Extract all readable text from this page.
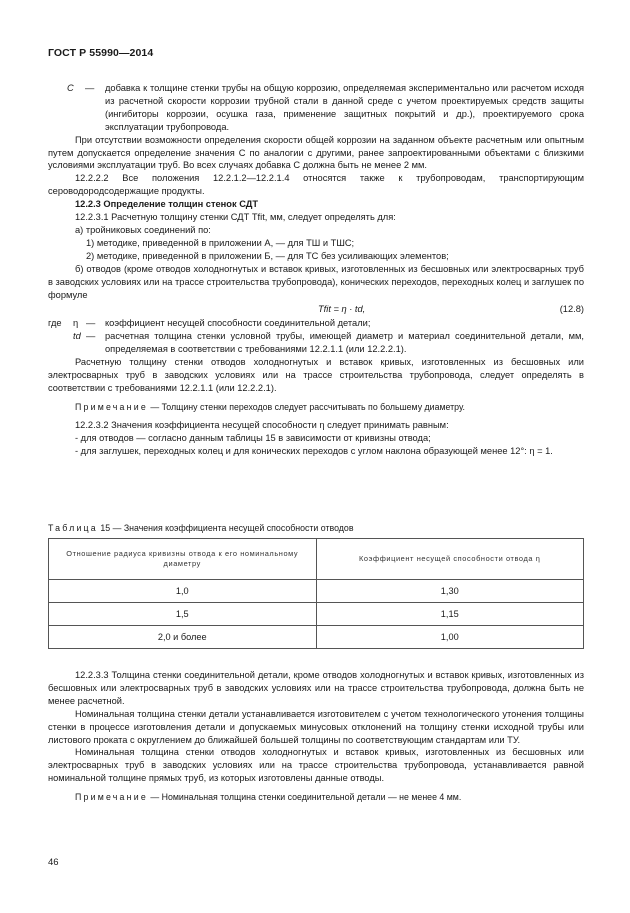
ГОСТ Р 55990—2014
C — добавка к толщине стенки трубы на общую коррозию, определяемая экспериментально или расчетом исходя из расчетной скорости коррозии трубной стали в данной среде с учетом проектируемых средств защиты (ингибиторы коррозии, осушка газа, применение защитных покрытий и др.), проектируемого срока эксплуатации трубопровода.

При отсутствии возможности определения скорости общей коррозии на заданном объекте расчетным или опытным путем допускается определение значения C по аналогии с другими, ранее запроектированными объектами с близкими условиями эксплуатации труб. Во всех случаях добавка C должна быть не менее 2 мм.

12.2.2.2 Все положения 12.2.1.2—12.2.1.4 относятся также к трубопроводам, транспортирующим сероводородсодержащие продукты.

12.2.3 Определение толщин стенок СДТ

12.2.3.1 Расчетную толщину стенки СДТ Tfit, мм, следует определять для:

а) тройниковых соединений по:

1) методике, приведенной в приложении А, — для ТШ и ТШС;

2) методике, приведенной в приложении Б, — для ТС без усиливающих элементов;

б) отводов (кроме отводов холодногнутых и вставок кривых, изготовленных из бесшовных или электросварных труб в заводских условиях или на трассе строительства трубопровода), конических переходов, переходных колец и заглушек по формуле

Tfit = η · td,	(12.8)
где η — коэффициент несущей способности соединительной детали;
td — расчетная толщина стенки условной трубы, имеющей диаметр и материал соединительной детали, мм, определяемая в соответствии с требованиями 12.2.1.1 (или 12.2.2.1).

Расчетную толщину стенки отводов холодногнутых и вставок кривых, изготовленных из бесшовных или электросварных труб в заводских условиях или на трассе строительства трубопровода, следует определять в соответствии с требованиями 12.2.1.1 (или 12.2.2.1).

Примечание — Толщину стенки переходов следует рассчитывать по большему диаметру.

12.2.3.2 Значения коэффициента несущей способности η следует принимать равным:

- для отводов — согласно данным таблицы 15 в зависимости от кривизны отвода;

- для заглушек, переходных колец и для конических переходов с углом наклона образующей менее 12°: η = 1.

Таблица 15 — Значения коэффициента несущей способности отводов
Отношение радиуса кривизны отвода к его номинальному диаметру	Коэффициент несущей способности отвода η
1,0	1,30
1,5	1,15
2,0 и более	1,00

12.2.3.3 Толщина стенки соединительной детали, кроме отводов холодногнутых и вставок кривых, изготовленных из бесшовных или электросварных труб в заводских условиях или на трассе строительства трубопровода, должна быть не менее расчетной.

Номинальная толщина стенки детали устанавливается изготовителем с учетом технологического утонения толщины стенки в процессе изготовления детали и допускаемых минусовых отклонений на толщину стенки исходной трубы или листового проката с округлением до ближайшей большей толщины по соответствующим стандартам или ТУ.

Номинальная толщина стенки отводов холодногнутых и вставок кривых, изготовленных из бесшовных или электросварных труб в заводских условиях или на трассе строительства трубопровода, устанавливается равной номинальной толщине прямых труб, из которых изготовлены данные отводы.

Примечание — Номинальная толщина стенки соединительной детали — не менее 4 мм.

46
